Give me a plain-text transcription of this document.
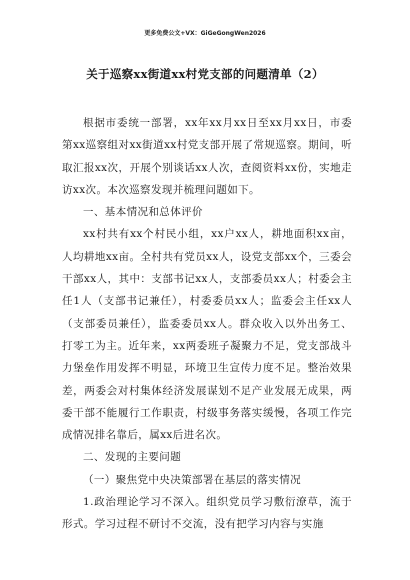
更多免费公文+VX：GiGeGongWen2026
关于巡察xx街道xx村党支部的问题清单（2）

根据市委统一部署，xx年xx月xx日至xx月xx日，市委第xx巡察组对xx街道xx村党支部开展了常规巡察。期间，听取汇报xx次，开展个别谈话xx人次，查阅资料xx份，实地走访xx次。本次巡察发现并梳理问题如下。

一、基本情况和总体评价

xx村共有xx个村民小组，xx户xx人，耕地面积xx亩，人均耕地xx亩。全村共有党员xx人，设党支部xx个，三委会干部xx人，其中：支部书记xx人，支部委员xx人；村委会主任1人（支部书记兼任），村委委员xx人；监委会主任xx人（支部委员兼任），监委委员xx人。群众收入以外出务工、打零工为主。近年来，xx两委班子凝聚力不足，党支部战斗力堡垒作用发挥不明显，环境卫生宣传力度不足。整治效果差，两委会对村集体经济发展谋划不足产业发展无成果，两委干部不能履行工作职责，村级事务落实缓慢，各项工作完成情况排名靠后，属xx后进名次。

二、发现的主要问题

（一）聚焦党中央决策部署在基层的落实情况

1.政治理论学习不深入。组织党员学习敷衍潦草，流于形式。学习过程不研讨不交流，没有把学习内容与实施
